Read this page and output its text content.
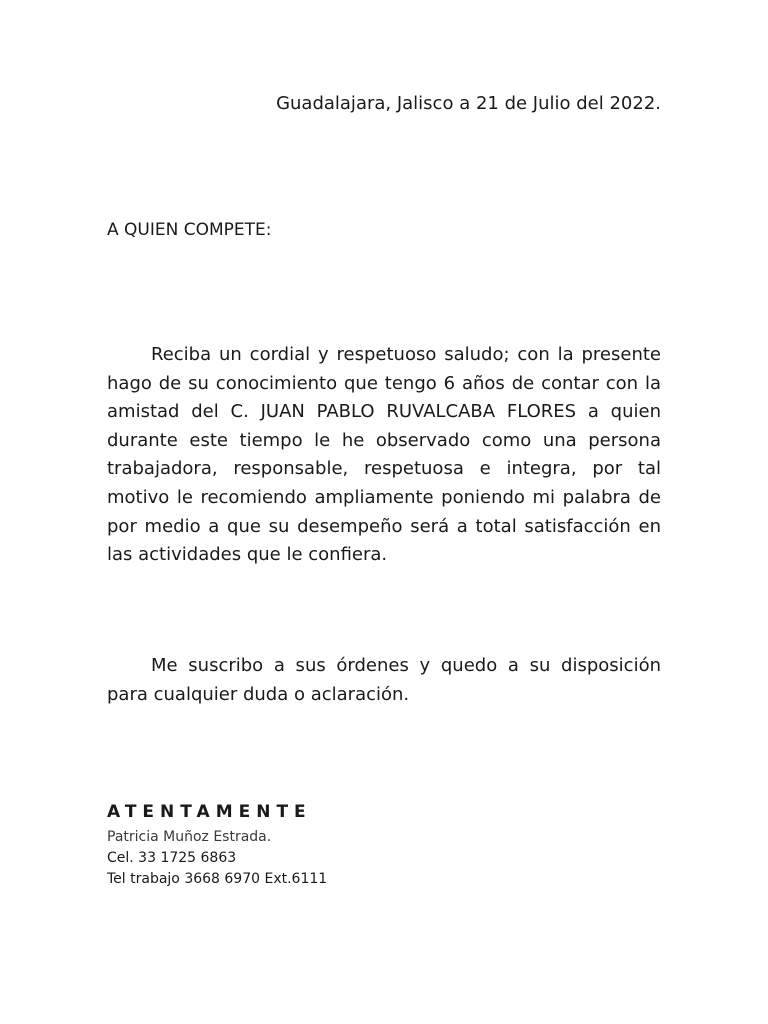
Guadalajara, Jalisco a 21 de Julio del 2022.
A QUIEN COMPETE:

Reciba un cordial y respetuoso saludo; con la presente hago de su conocimiento que tengo 6 años de contar con la amistad del C. JUAN PABLO RUVALCABA FLORES a quien durante este tiempo le he observado como una persona trabajadora, responsable, respetuosa e integra, por tal motivo le recomiendo ampliamente poniendo mi palabra de por medio a que su desempeño será a total satisfacción en las actividades que le confiera.

Me suscribo a sus órdenes y quedo a su disposición para cualquier duda o aclaración.

ATENTAMENTE
Patricia Muñoz Estrada.
Cel. 33 1725 6863
Tel trabajo 3668 6970 Ext.6111
